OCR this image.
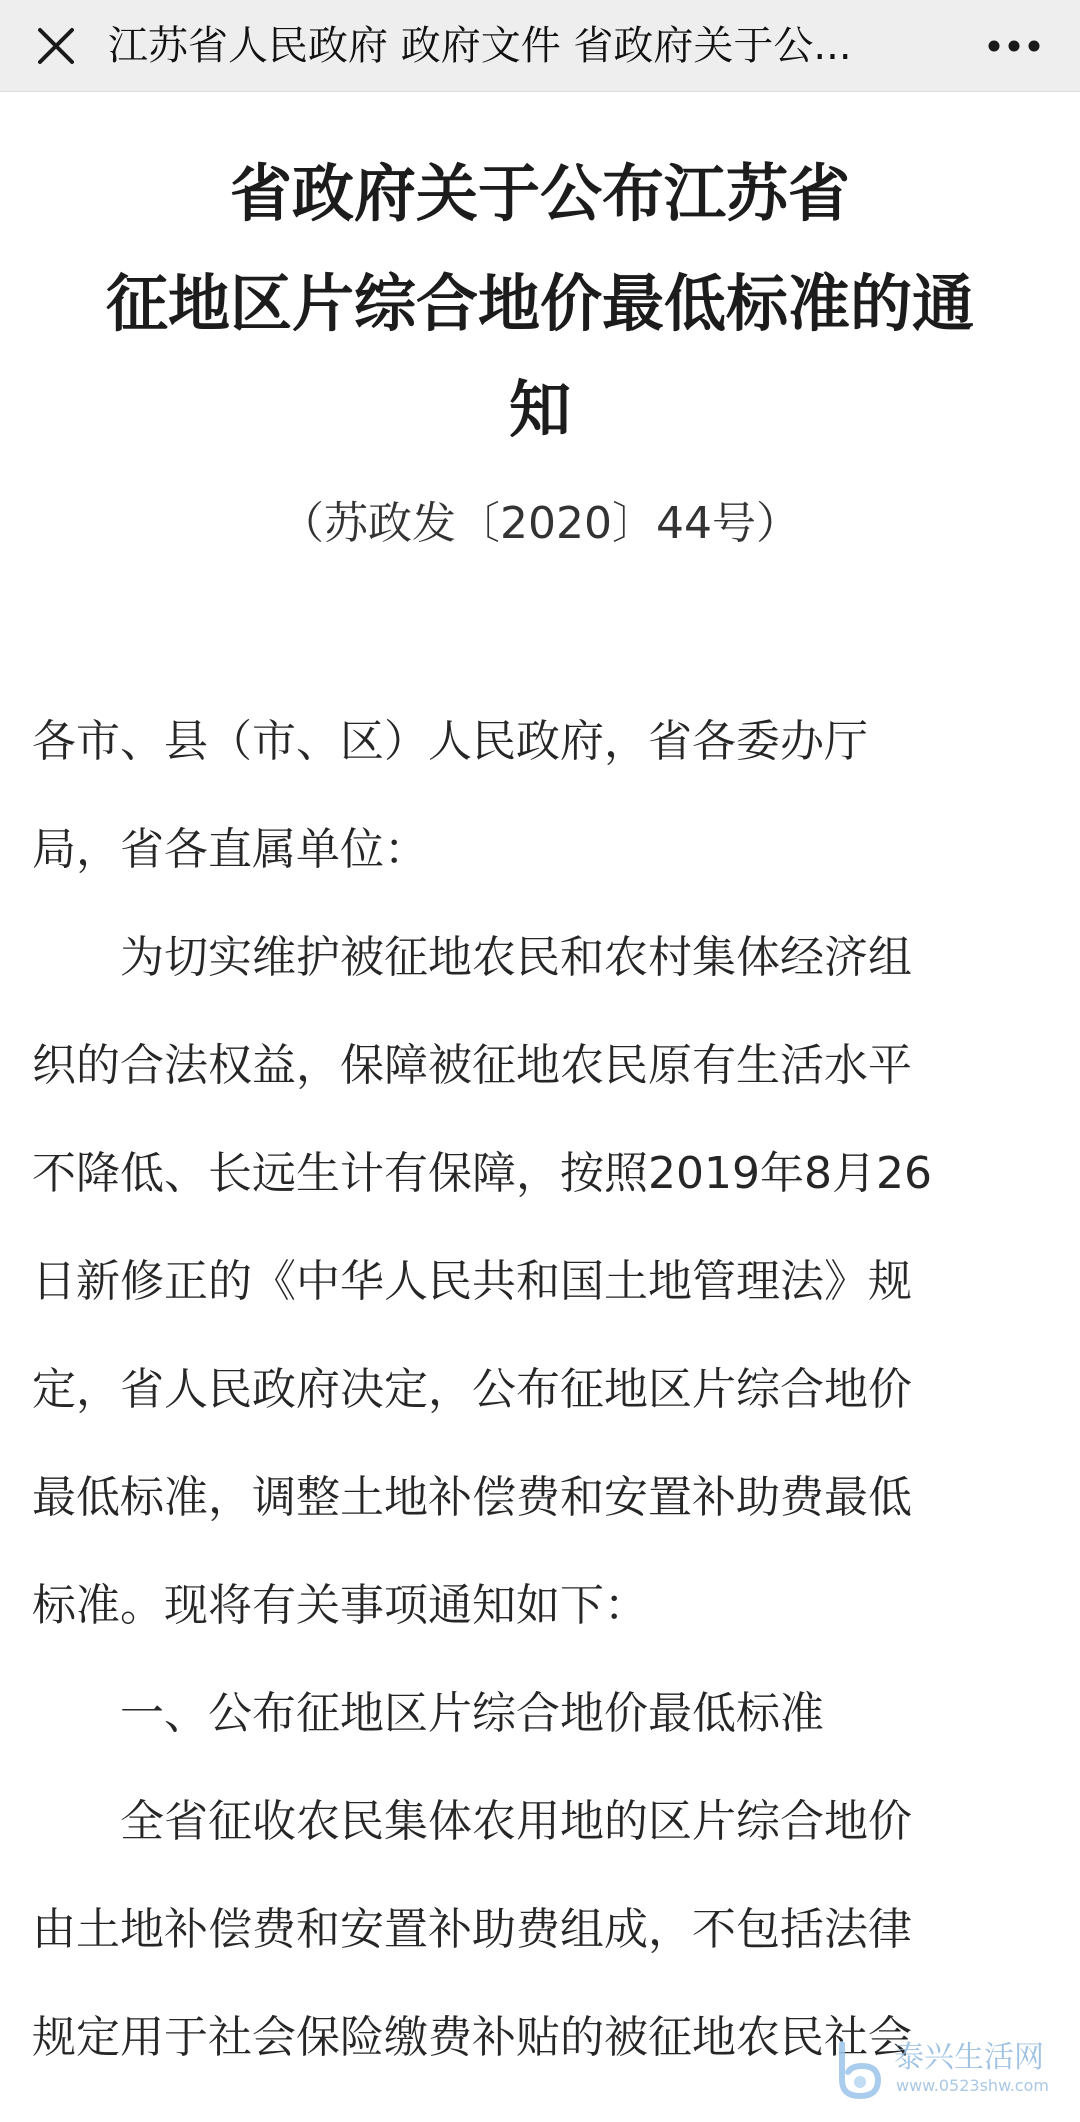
江苏省人民政府 政府文件 省政府关于公...
省政府关于公布江苏省
征地区片综合地价最低标准的通
知
（苏政发〔2020〕44号）
各市、县（市、区）人民政府，省各委办厅
局，省各直属单位：
　　为切实维护被征地农民和农村集体经济组
织的合法权益，保障被征地农民原有生活水平
不降低、长远生计有保障，按照2019年8月26
日新修正的《中华人民共和国土地管理法》规
定，省人民政府决定，公布征地区片综合地价
最低标准，调整土地补偿费和安置补助费最低
标准。现将有关事项通知如下：
　　一、公布征地区片综合地价最低标准
　　全省征收农民集体农用地的区片综合地价
由土地补偿费和安置补助费组成，不包括法律
规定用于社会保险缴费补贴的被征地农民社会
泰兴生活网
www.0523shw.com
